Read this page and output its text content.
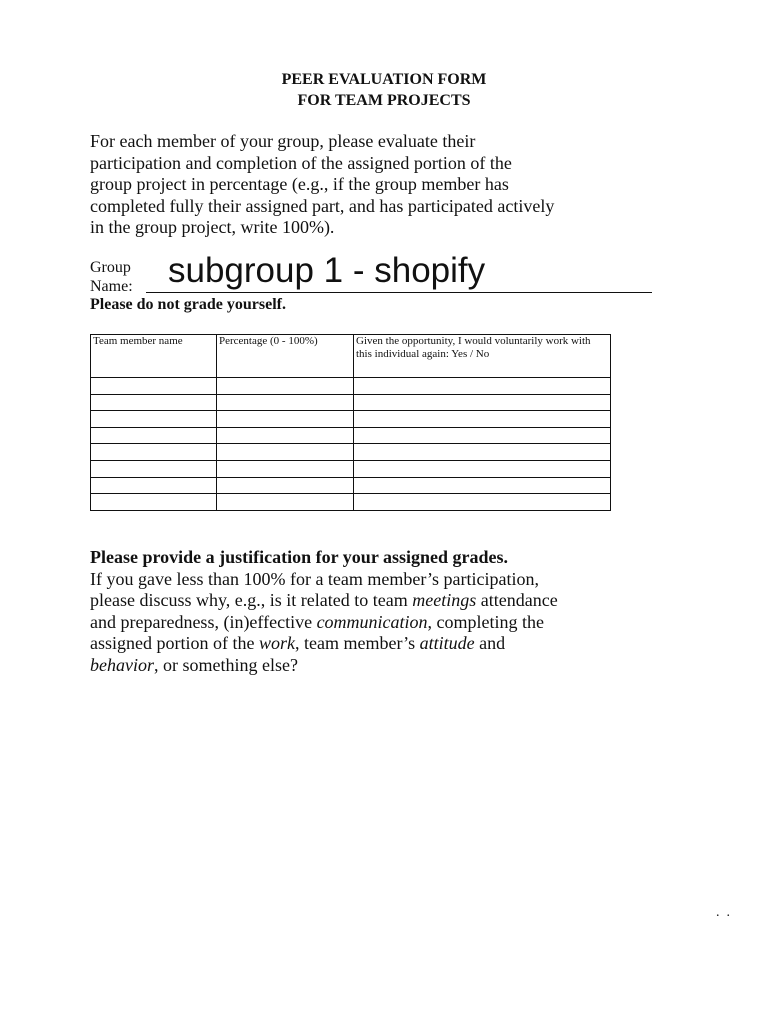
PEER EVALUATION FORM
FOR TEAM PROJECTS
For each member of your group, please evaluate their
participation and completion of the assigned portion of the
group project in percentage (e.g., if the group member has
completed fully their assigned part, and has participated actively
in the group project, write 100%).
Group
Name: subgroup 1 - shopify
Please do not grade yourself.
Team member name	Percentage (0 - 100%)	Given the opportunity, I would voluntarily work with this individual again: Yes / No

Please provide a justification for your assigned grades.
If you gave less than 100% for a team member’s participation,
please discuss why, e.g., is it related to team meetings attendance
and preparedness, (in)effective communication, completing the
assigned portion of the work, team member’s attitude and
behavior, or something else?
.  .
